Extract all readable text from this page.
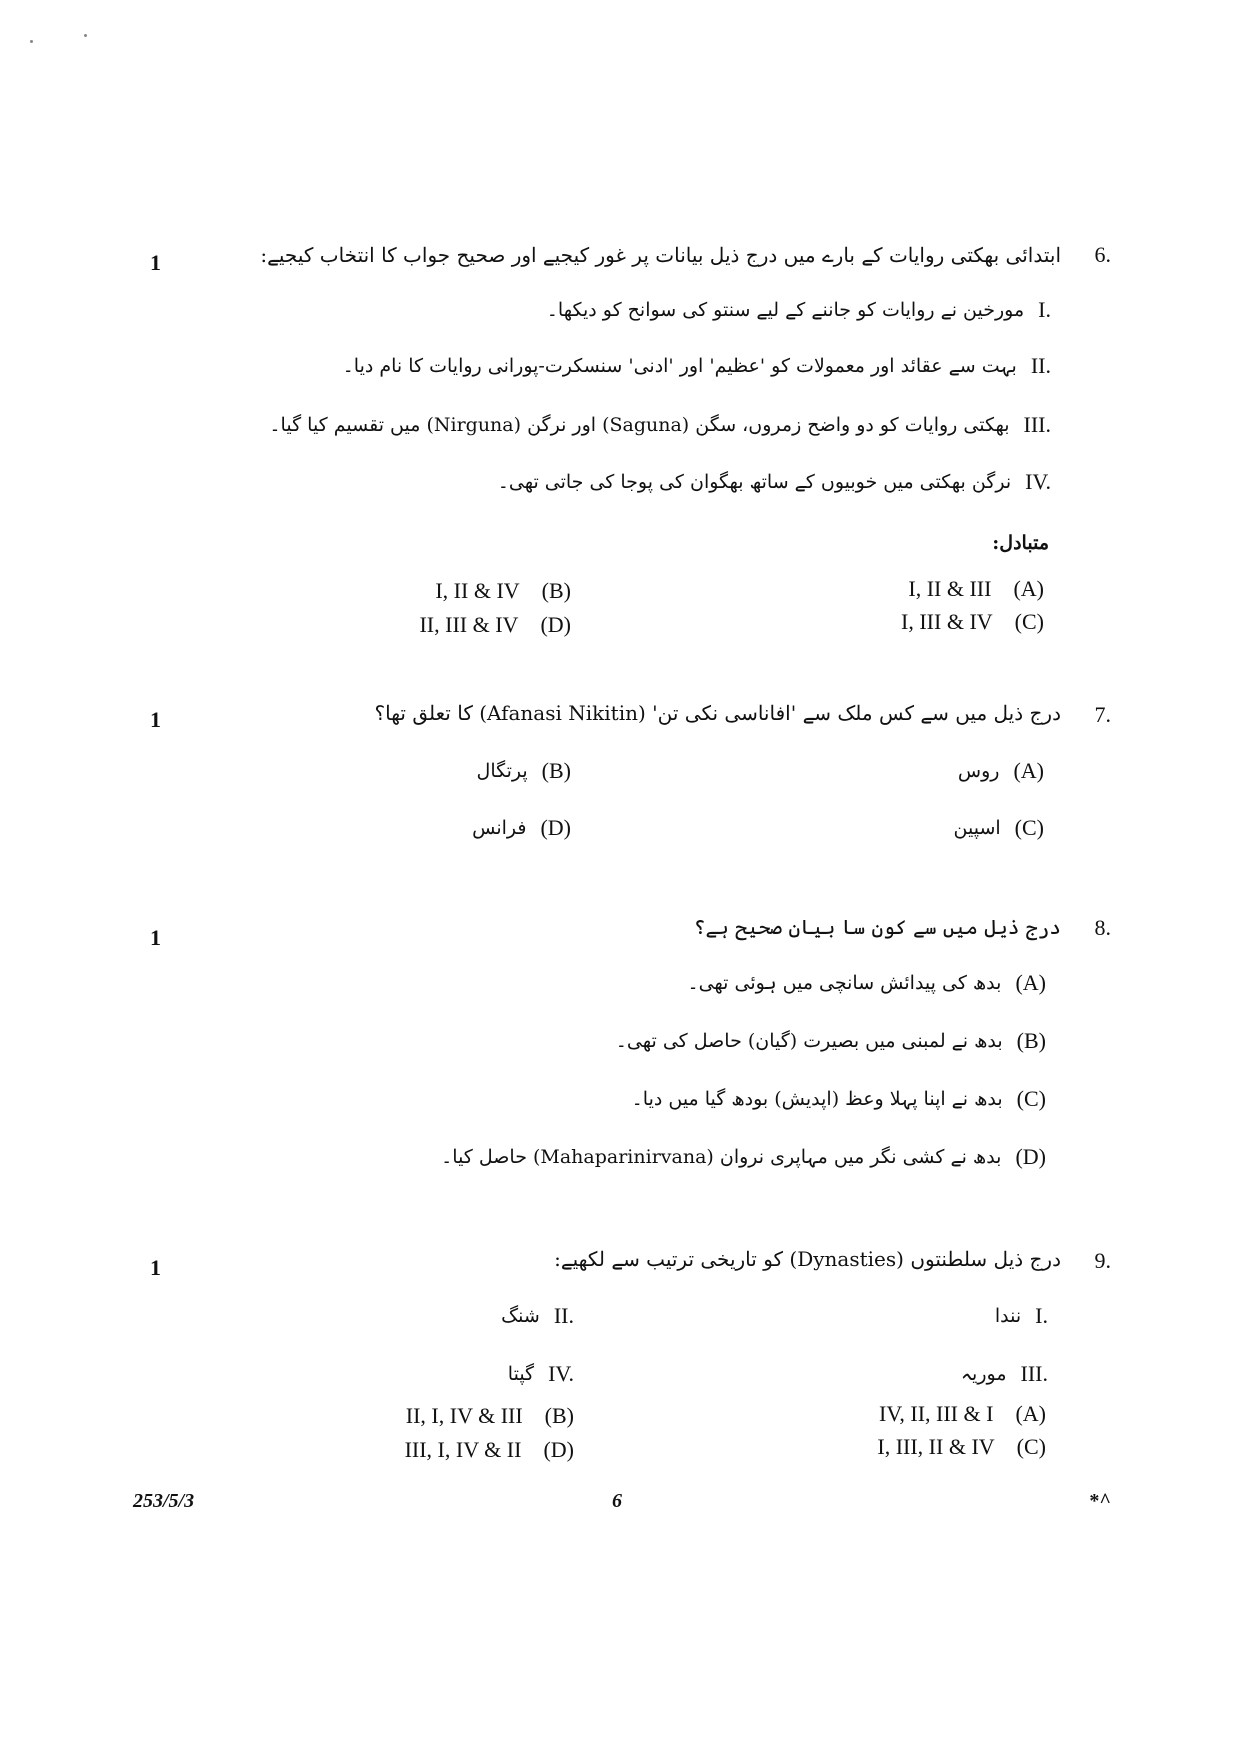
1	6.
ابتدائی بھکتی روایات کے بارے میں درج ذیل بیانات پر غور کیجیے اور صحیح جواب کا انتخاب کیجیے:
I.
مورخین نے روایات کو جاننے کے لیے سنتو کی سوانح کو دیکھا۔
II.
بہت سے عقائد اور معمولات کو 'عظیم' اور 'ادنی' سنسکرت-پورانی روایات کا نام دیا۔
III.
بھکتی روایات کو دو واضح زمروں، سگن (Saguna) اور نرگن (Nirguna) میں تقسیم کیا گیا۔
IV.
نرگن بھکتی میں خوبیوں کے ساتھ بھگوان کی پوجا کی جاتی تھی۔
متبادل:
I, II & III (A)
I, II & IV (B)
I, III & IV (C)
II, III & IV (D)
1	7.
درج ذیل میں سے کس ملک سے 'افاناسی نکی تن' (Afanasi Nikitin) کا تعلق تھا؟
(A)
روس
(B)
پرتگال
(C)
اسپین
(D)
فرانس
1	8.
درج ذیل میں سے کون سا بیان صحیح ہے؟
(A)
بدھ کی پیدائش سانچی میں ہوئی تھی۔
(B)
بدھ نے لمبنی میں بصیرت (گیان) حاصل کی تھی۔
(C)
بدھ نے اپنا پہلا وعظ (اپدیش) بودھ گیا میں دیا۔
(D)
بدھ نے کشی نگر میں مہاپری نروان (Mahaparinirvana) حاصل کیا۔
1	9.
درج ذیل سلطنتوں (Dynasties) کو تاریخی ترتیب سے لکھیے:
I.
نندا
II.
شنگ
III.
موریہ
IV.
گپتا
IV, II, III & I (A)
II, I, IV & III (B)
I, III, II & IV (C)
III, I, IV & II (D)
253/5/3	6	*^
